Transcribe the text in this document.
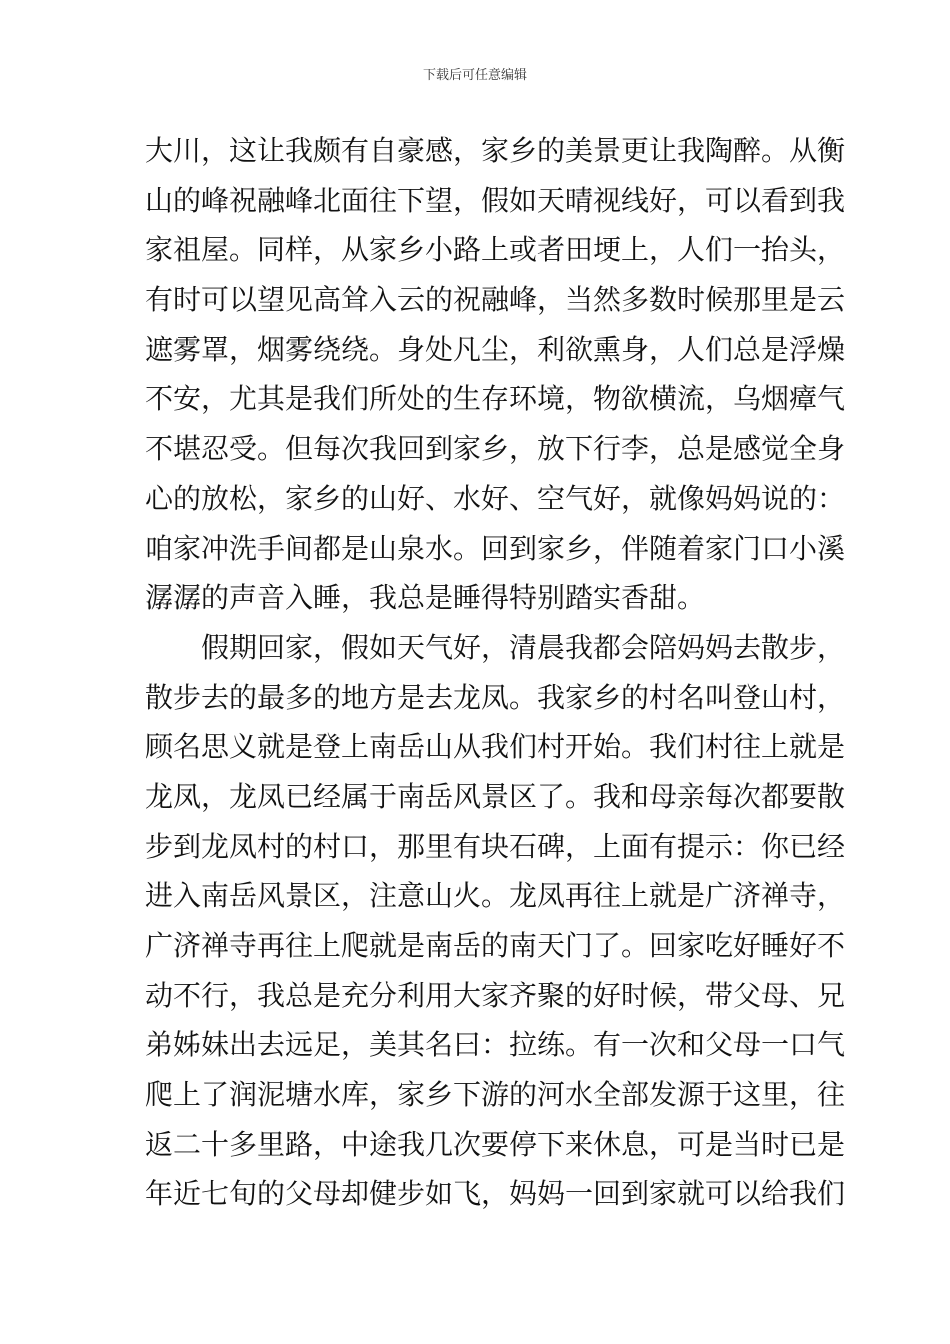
下载后可任意编辑
大川，这让我颇有自豪感，家乡的美景更让我陶醉。从衡
山的峰祝融峰北面往下望，假如天晴视线好，可以看到我
家祖屋。同样，从家乡小路上或者田埂上，人们一抬头，
有时可以望见高耸入云的祝融峰，当然多数时候那里是云
遮雾罩，烟雾绕绕。身处凡尘，利欲熏身，人们总是浮燥
不安，尤其是我们所处的生存环境，物欲横流，乌烟瘴气
不堪忍受。但每次我回到家乡，放下行李，总是感觉全身
心的放松，家乡的山好、水好、空气好，就像妈妈说的：
咱家冲洗手间都是山泉水。回到家乡，伴随着家门口小溪
潺潺的声音入睡，我总是睡得特别踏实香甜。
假期回家，假如天气好，清晨我都会陪妈妈去散步，
散步去的最多的地方是去龙凤。我家乡的村名叫登山村，
顾名思义就是登上南岳山从我们村开始。我们村往上就是
龙凤，龙凤已经属于南岳风景区了。我和母亲每次都要散
步到龙凤村的村口，那里有块石碑，上面有提示：你已经
进入南岳风景区，注意山火。龙凤再往上就是广济禅寺，
广济禅寺再往上爬就是南岳的南天门了。回家吃好睡好不
动不行，我总是充分利用大家齐聚的好时候，带父母、兄
弟姊妹出去远足，美其名曰：拉练。有一次和父母一口气
爬上了润泥塘水库，家乡下游的河水全部发源于这里，往
返二十多里路，中途我几次要停下来休息，可是当时已是
年近七旬的父母却健步如飞，妈妈一回到家就可以给我们
